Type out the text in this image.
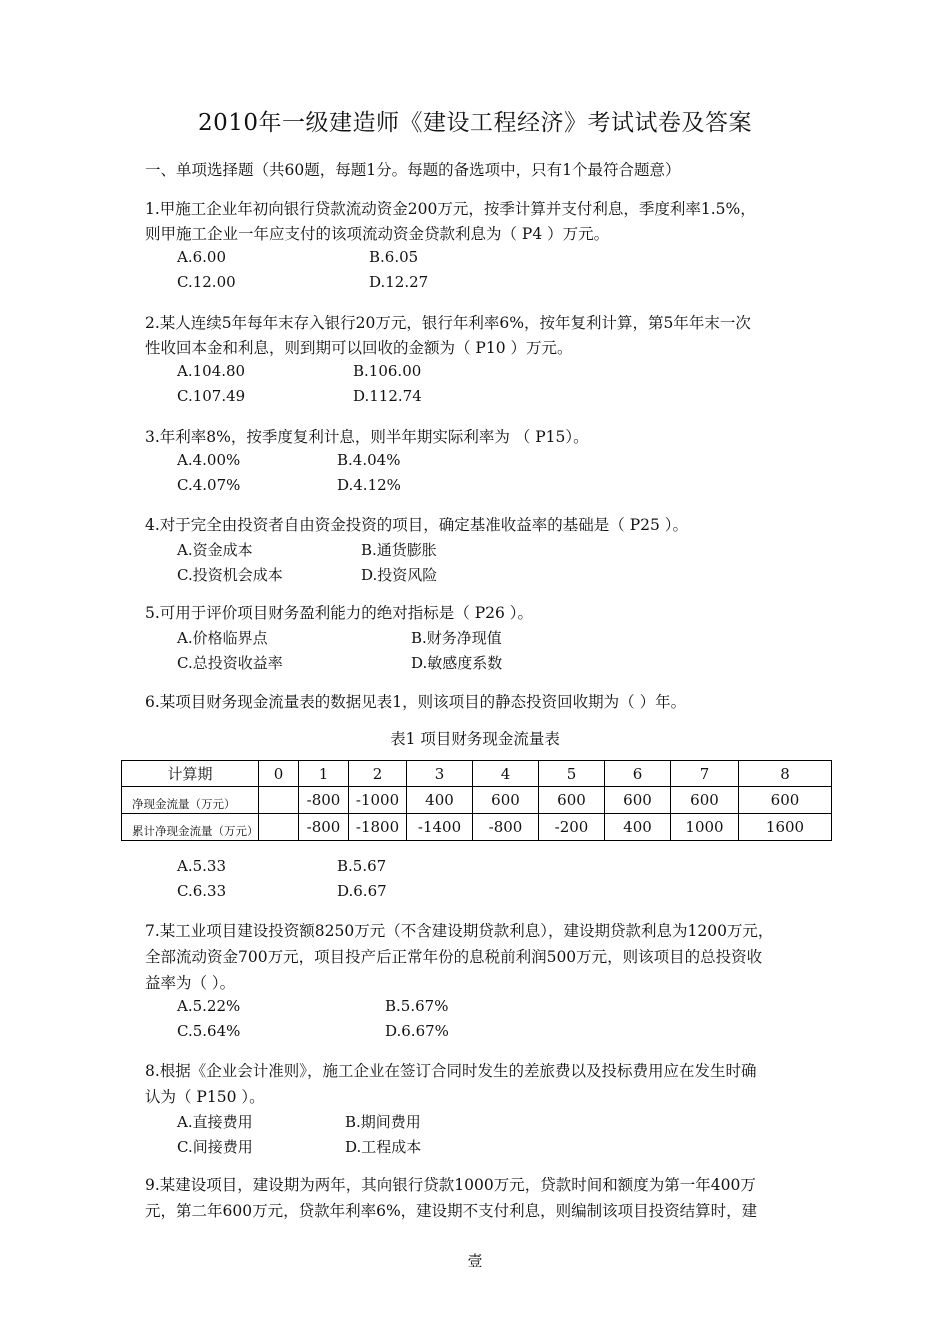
2010年一级建造师《建设工程经济》考试试卷及答案
一、单项选择题（共60题，每题1分。每题的备选项中，只有1个最符合题意）
1.甲施工企业年初向银行贷款流动资金200万元，按季计算并支付利息，季度利率1.5%，
则甲施工企业一年应支付的该项流动资金贷款利息为（ P4 ）万元。
A.6.00	B.6.05
C.12.00	D.12.27
2.某人连续5年每年末存入银行20万元，银行年利率6%，按年复利计算，第5年年末一次
性收回本金和利息，则到期可以回收的金额为（ P10 ）万元。
A.104.80	B.106.00
C.107.49	D.112.74
3.年利率8%，按季度复利计息，则半年期实际利率为 （ P15）。
A.4.00%	B.4.04%
C.4.07%	D.4.12%
4.对于完全由投资者自由资金投资的项目，确定基准收益率的基础是（ P25 ）。
A.资金成本	B.通货膨胀
C.投资机会成本	D.投资风险
5.可用于评价项目财务盈利能力的绝对指标是（ P26 ）。
A.价格临界点	B.财务净现值
C.总投资收益率	D.敏感度系数
6.某项目财务现金流量表的数据见表1，则该项目的静态投资回收期为（ ）年。
表1 项目财务现金流量表
计算期	0	1	2	3	4	5	6	7	8
净现金流量（万元）		-800	-1000	400	600	600	600	600	600
累计净现金流量（万元）		-800	-1800	-1400	-800	-200	400	1000	1600
A.5.33	B.5.67
C.6.33	D.6.67
7.某工业项目建设投资额8250万元（不含建设期贷款利息），建设期贷款利息为1200万元，
全部流动资金700万元，项目投产后正常年份的息税前利润500万元，则该项目的总投资收
益率为（ ）。
A.5.22%	B.5.67%
C.5.64%	D.6.67%
8.根据《企业会计准则》，施工企业在签订合同时发生的差旅费以及投标费用应在发生时确
认为（ P150 ）。
A.直接费用	B.期间费用
C.间接费用	D.工程成本
9.某建设项目，建设期为两年，其向银行贷款1000万元，贷款时间和额度为第一年400万
元，第二年600万元，贷款年利率6%，建设期不支付利息，则编制该项目投资结算时，建
壹
